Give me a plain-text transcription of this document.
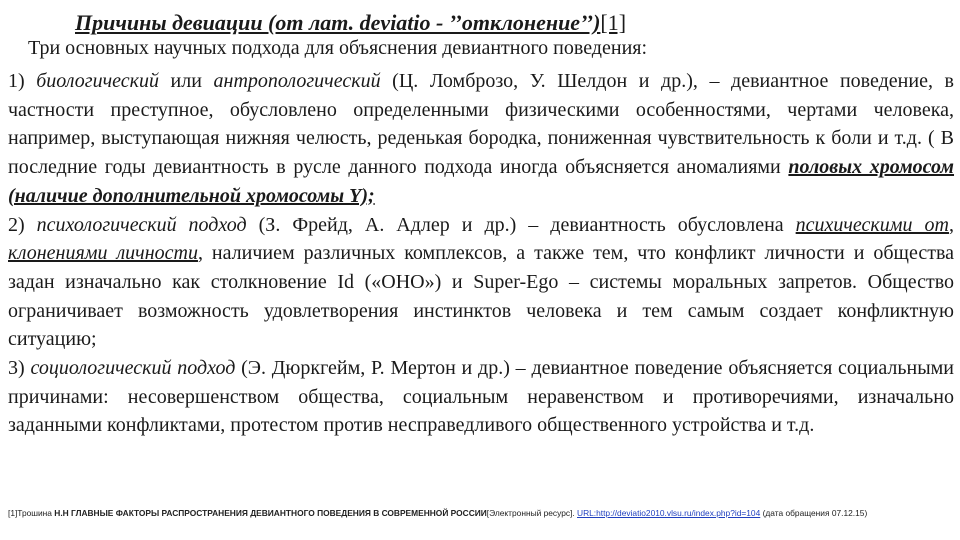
Причины девиации (от лат. deviatio - ’’отклонение’’)[1]
Три основных научных подхода для объяснения девиантного поведения:

1) биологический или антропологический (Ц. Ломброзо, У. Шелдон и др.), – девиантное поведение, в частности преступное, обусловлено определенными физическими особенностями, чертами человека, например, выступающая нижняя челюсть, реденькая бородка, пониженная чувствительность к боли и т.д. ( В последние годы девиантность в русле данного подхода иногда объясняется аномалиями половых хромосом (наличие дополнительной хромосомы Y);

2) психологический подход (З. Фрейд, А. Адлер и др.) – девиантность обусловлена психическими от, клонениями личности, наличием различных комплексов, а также тем, что конфликт личности и общества задан изначально как столкновение Id («ОНО») и Super-Ego – системы моральных запретов. Общество ограничивает возможность удовлетворения инстинктов человека и тем самым создает конфликтную ситуацию;

3) социологический подход (Э. Дюркгейм, Р. Мертон и др.) – девиантное поведение объясняется социальными причинами: несовершенством общества, социальным неравенством и противоречиями, изначально заданными конфликтами, протестом против несправедливого общественного устройства и т.д.

[1]Трошина Н.Н ГЛАВНЫЕ ФАКТОРЫ РАСПРОСТРАНЕНИЯ ДЕВИАНТНОГО ПОВЕДЕНИЯ В СОВРЕМЕННОЙ РОССИИ[Электронный ресурс]. URL:http://deviatio2010.vlsu.ru/index.php?id=104 (дата обращения 07.12.15)
